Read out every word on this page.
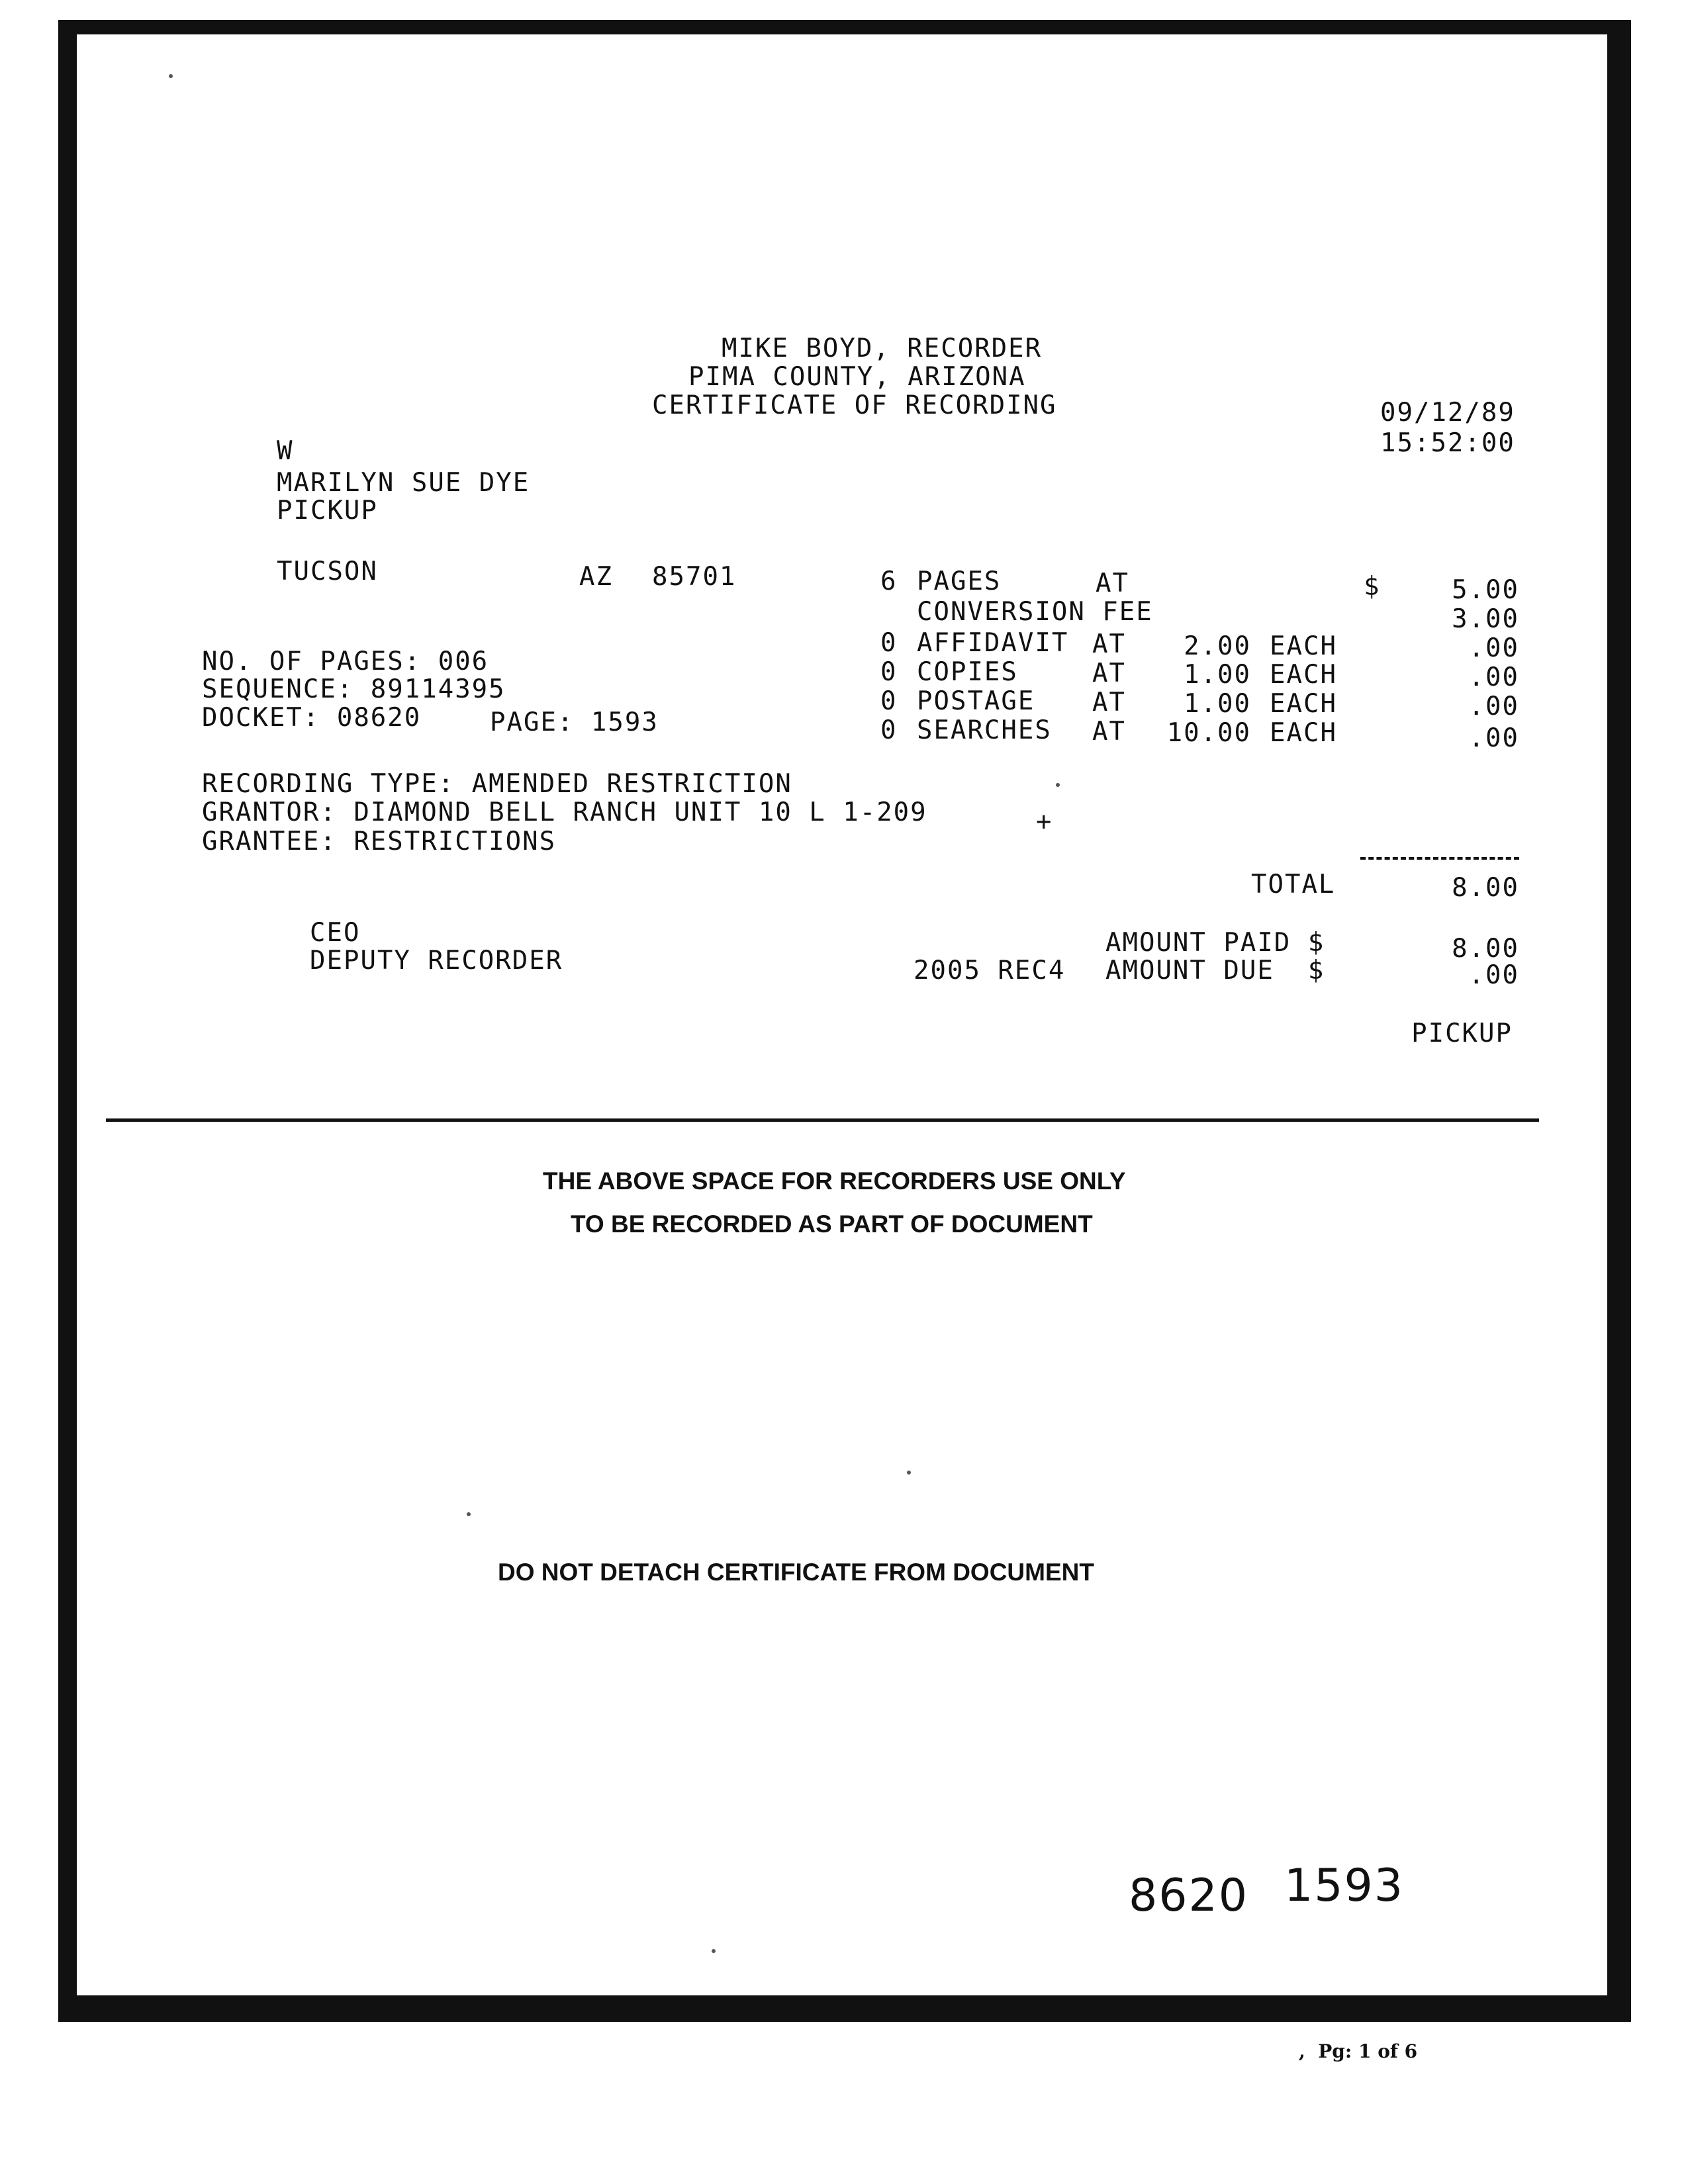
MIKE BOYD, RECORDER
PIMA COUNTY, ARIZONA
CERTIFICATE OF RECORDING	09/12/89
15:52:00
W
MARILYN SUE DYE
PICKUP
TUCSON	AZ 85701
NO. OF PAGES: 006
SEQUENCE: 89114395
DOCKET: 08620	PAGE: 1593
6 PAGES	AT	$	5.00
CONVERSION FEE	3.00
0 AFFIDAVIT AT	2.00 EACH	.00
0 COPIES	AT	1.00 EACH	.00
0 POSTAGE AT	1.00 EACH	.00
0 SEARCHES AT	10.00 EACH	.00
RECORDING TYPE: AMENDED RESTRICTION
GRANTOR: DIAMOND BELL RANCH UNIT 10 L 1-209	+
GRANTEE: RESTRICTIONS
TOTAL	8.00
CEO
DEPUTY RECORDER
AMOUNT PAID $	8.00
2005 REC4 AMOUNT DUE  $	.00
PICKUP
THE ABOVE SPACE FOR RECORDERS USE ONLY
TO BE RECORDED AS PART OF DOCUMENT
DO NOT DETACH CERTIFICATE FROM DOCUMENT
8620 1593
,  Pg: 1 of 6
